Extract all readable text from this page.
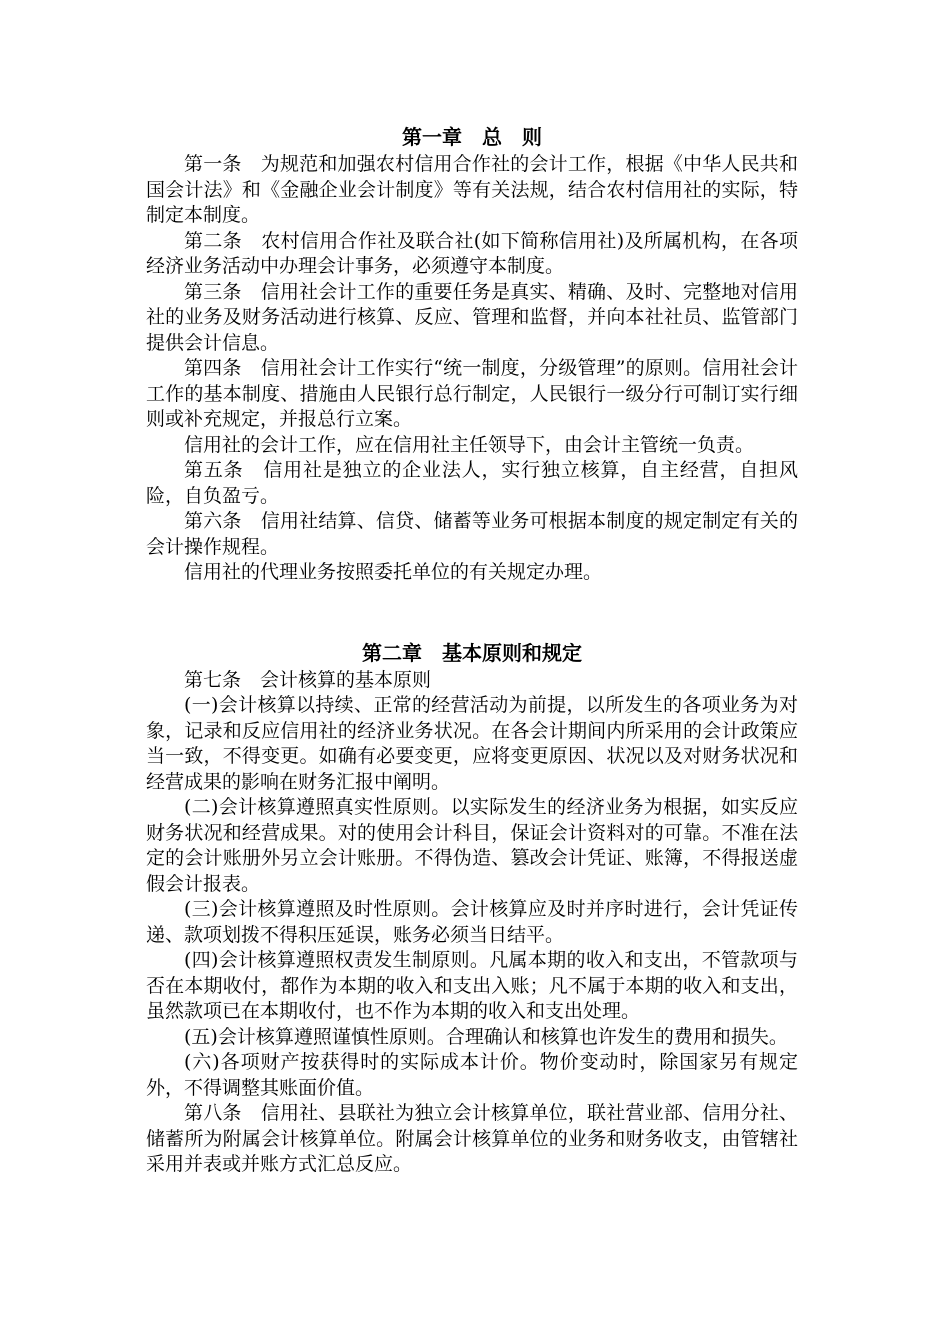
第一章　总　则

第一条　为规范和加强农村信用合作社的会计工作，根据《中华人民共和国会计法》和《金融企业会计制度》等有关法规，结合农村信用社的实际，特制定本制度。

第二条　农村信用合作社及联合社(如下简称信用社)及所属机构，在各项经济业务活动中办理会计事务，必须遵守本制度。

第三条　信用社会计工作的重要任务是真实、精确、及时、完整地对信用社的业务及财务活动进行核算、反应、管理和监督，并向本社社员、监管部门提供会计信息。

第四条　信用社会计工作实行“统一制度，分级管理”的原则。信用社会计工作的基本制度、措施由人民银行总行制定，人民银行一级分行可制订实行细则或补充规定，并报总行立案。

信用社的会计工作，应在信用社主任领导下，由会计主管统一负责。

第五条　信用社是独立的企业法人，实行独立核算，自主经营，自担风险，自负盈亏。

第六条　信用社结算、信贷、储蓄等业务可根据本制度的规定制定有关的会计操作规程。

信用社的代理业务按照委托单位的有关规定办理。

第二章　基本原则和规定

第七条　会计核算的基本原则

(一)会计核算以持续、正常的经营活动为前提，以所发生的各项业务为对象，记录和反应信用社的经济业务状况。在各会计期间内所采用的会计政策应当一致，不得变更。如确有必要变更，应将变更原因、状况以及对财务状况和经营成果的影响在财务汇报中阐明。

(二)会计核算遵照真实性原则。以实际发生的经济业务为根据，如实反应财务状况和经营成果。对的使用会计科目，保证会计资料对的可靠。不准在法定的会计账册外另立会计账册。不得伪造、篡改会计凭证、账簿，不得报送虚假会计报表。

(三)会计核算遵照及时性原则。会计核算应及时并序时进行，会计凭证传递、款项划拨不得积压延误，账务必须当日结平。

(四)会计核算遵照权责发生制原则。凡属本期的收入和支出，不管款项与否在本期收付，都作为本期的收入和支出入账；凡不属于本期的收入和支出，虽然款项已在本期收付，也不作为本期的收入和支出处理。

(五)会计核算遵照谨慎性原则。合理确认和核算也许发生的费用和损失。

(六)各项财产按获得时的实际成本计价。物价变动时，除国家另有规定外，不得调整其账面价值。

第八条　信用社、县联社为独立会计核算单位，联社营业部、信用分社、储蓄所为附属会计核算单位。附属会计核算单位的业务和财务收支，由管辖社采用并表或并账方式汇总反应。
